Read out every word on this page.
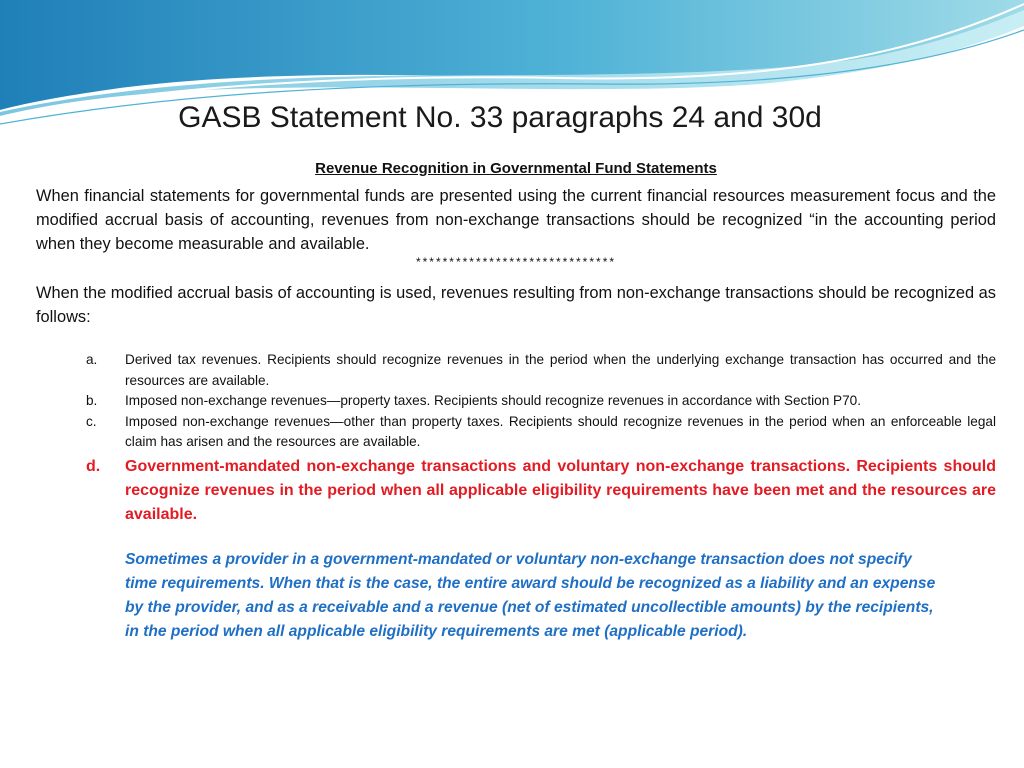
GASB Statement No. 33 paragraphs 24 and 30d
Revenue Recognition in Governmental Fund Statements
When financial statements for governmental funds are presented using the current financial resources measurement focus and the modified accrual basis of accounting, revenues from non-exchange transactions should be recognized “in the accounting period when they become measurable and available.
******************************
When the modified accrual basis of accounting is used, revenues resulting from non-exchange transactions should be recognized as follows:
a. Derived tax revenues. Recipients should recognize revenues in the period when the underlying exchange transaction has occurred and the resources are available.
b. Imposed non-exchange revenues—property taxes. Recipients should recognize revenues in accordance with Section P70.
c. Imposed non-exchange revenues—other than property taxes. Recipients should recognize revenues in the period when an enforceable legal claim has arisen and the resources are available.
d. Government-mandated non-exchange transactions and voluntary non-exchange transactions. Recipients should recognize revenues in the period when all applicable eligibility requirements have been met and the resources are available.
Sometimes a provider in a government-mandated or voluntary non-exchange transaction does not specify time requirements. When that is the case, the entire award should be recognized as a liability and an expense by the provider, and as a receivable and a revenue (net of estimated uncollectible amounts) by the recipients, in the period when all applicable eligibility requirements are met (applicable period).
